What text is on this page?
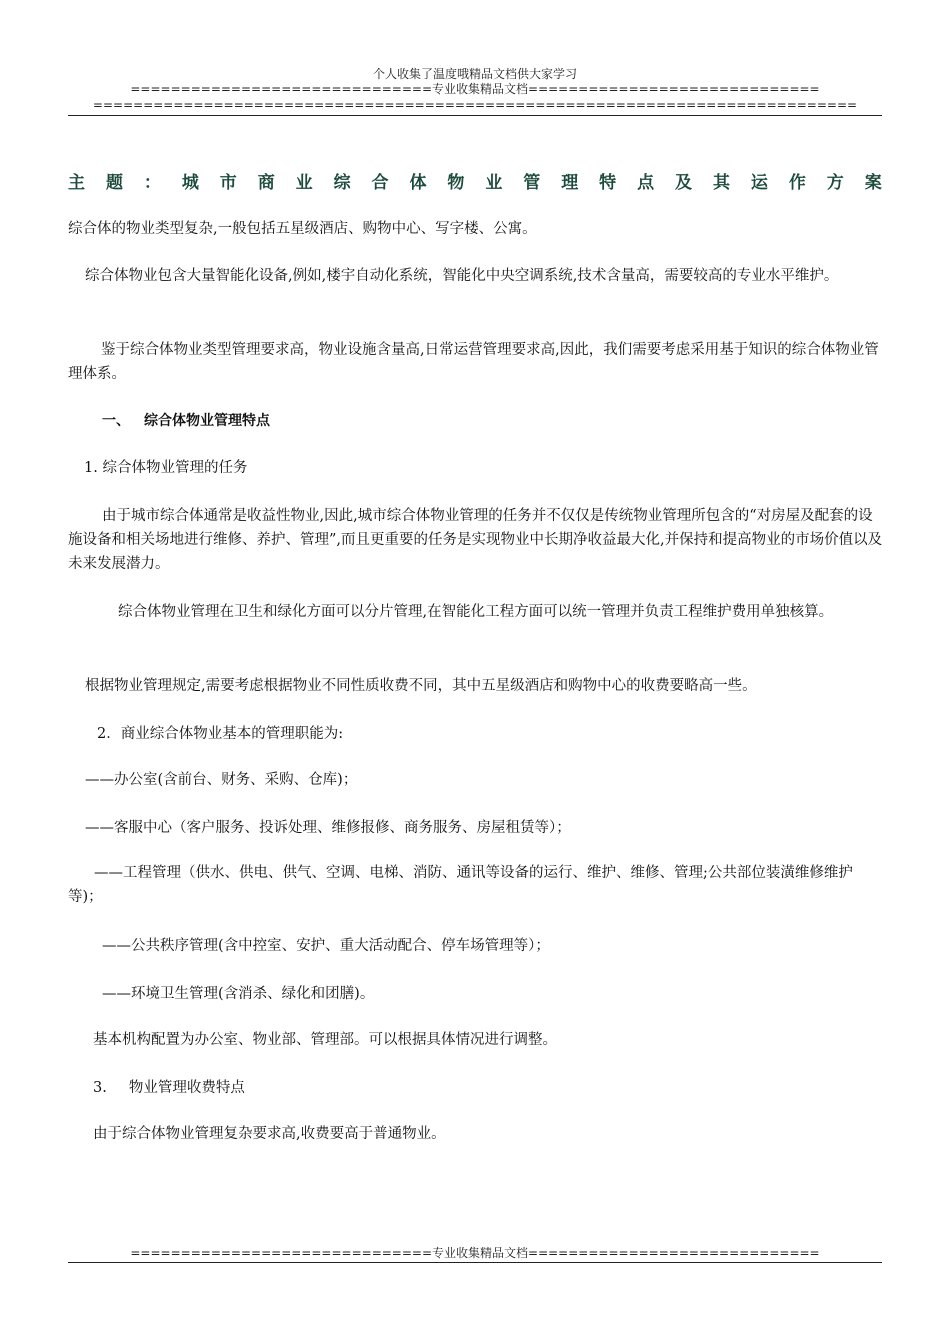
个人收集了温度哦精品文档供大家学习
==============================专业收集精品文档=============================
============================================================================
主 题 ： 城 市 商 业 综 合 体 物 业 管 理 特 点 及 其 运 作 方 案
综合体的物业类型复杂,一般包括五星级酒店、购物中心、写字楼、公寓。
综合体物业包含大量智能化设备,例如,楼宇自动化系统，智能化中央空调系统,技术含量高，需要较高的专业水平维护。
鉴于综合体物业类型管理要求高，物业设施含量高,日常运营管理要求高,因此，我们需要考虑采用基于知识的综合体物业管理体系。
一、 综合体物业管理特点
1. 综合体物业管理的任务
由于城市综合体通常是收益性物业,因此,城市综合体物业管理的任务并不仅仅是传统物业管理所包含的“对房屋及配套的设施设备和相关场地进行维修、养护、管理”,而且更重要的任务是实现物业中长期净收益最大化,并保持和提高物业的市场价值以及未来发展潜力。
综合体物业管理在卫生和绿化方面可以分片管理,在智能化工程方面可以统一管理并负责工程维护费用单独核算。
根据物业管理规定,需要考虑根据物业不同性质收费不同，其中五星级酒店和购物中心的收费要略高一些。
2．商业综合体物业基本的管理职能为:
——办公室(含前台、财务、采购、仓库)；
——客服中心（客户服务、投诉处理、维修报修、商务服务、房屋租赁等）；
——工程管理（供水、供电、供气、空调、电梯、消防、通讯等设备的运行、维护、维修、管理;公共部位装潢维修维护等)；
——公共秩序管理(含中控室、安护、重大活动配合、停车场管理等）；
——环境卫生管理(含消杀、绿化和团膳)。
基本机构配置为办公室、物业部、管理部。可以根据具体情况进行调整。
3. 物业管理收费特点
由于综合体物业管理复杂要求高,收费要高于普通物业。
==============================专业收集精品文档=============================
